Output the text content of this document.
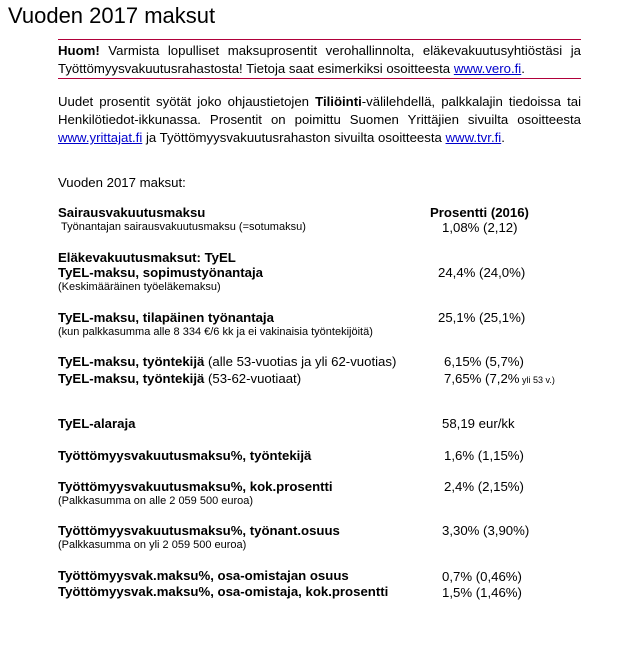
Vuoden 2017 maksut
Huom! Varmista lopulliset maksuprosentit verohallinnolta, eläkevakuutusyhtiöstäsi ja Työttömyysvakuutusrahastosta! Tietoja saat esimerkiksi osoitteesta www.vero.fi.
Uudet prosentit syötät joko ohjaustietojen Tiliöinti-välilehdellä, palkkalajin tiedoissa tai Henkilötiedot-ikkunassa. Prosentit on poimittu Suomen Yrittäjien sivuilta osoitteesta www.yrittajat.fi ja Työttömyysvakuutusrahaston sivuilta osoitteesta www.tvr.fi.
Vuoden 2017 maksut:
Sairausvakuutusmaksu	Prosentti (2016)
Työnantajan sairausvakuutusmaksu (=sotumaksu)	1,08% (2,12)
Eläkevakuutusmaksut: TyEL
TyEL-maksu, sopimustyönantaja	24,4% (24,0%)
(Keskimääräinen työeläkemaksu)
TyEL-maksu, tilapäinen työnantaja	25,1% (25,1%)
(kun palkkasumma alle 8 334 €/6 kk ja ei vakinaisia työntekijöitä)
TyEL-maksu, työntekijä (alle 53-vuotias ja yli 62-vuotias)	6,15% (5,7%)
TyEL-maksu, työntekijä (53-62-vuotiaat)	7,65% (7,2% yli 53 v.)
TyEL-alaraja	58,19 eur/kk
Työttömyysvakuutusmaksu%, työntekijä	1,6% (1,15%)
Työttömyysvakuutusmaksu%, kok.prosentti	2,4% (2,15%)
(Palkkasumma on alle 2 059 500 euroa)
Työttömyysvakuutusmaksu%, työnant.osuus	3,30% (3,90%)
(Palkkasumma on yli 2 059 500 euroa)
Työttömyysvak.maksu%, osa-omistajan osuus	0,7% (0,46%)
Työttömyysvak.maksu%, osa-omistaja, kok.prosentti	1,5% (1,46%)
